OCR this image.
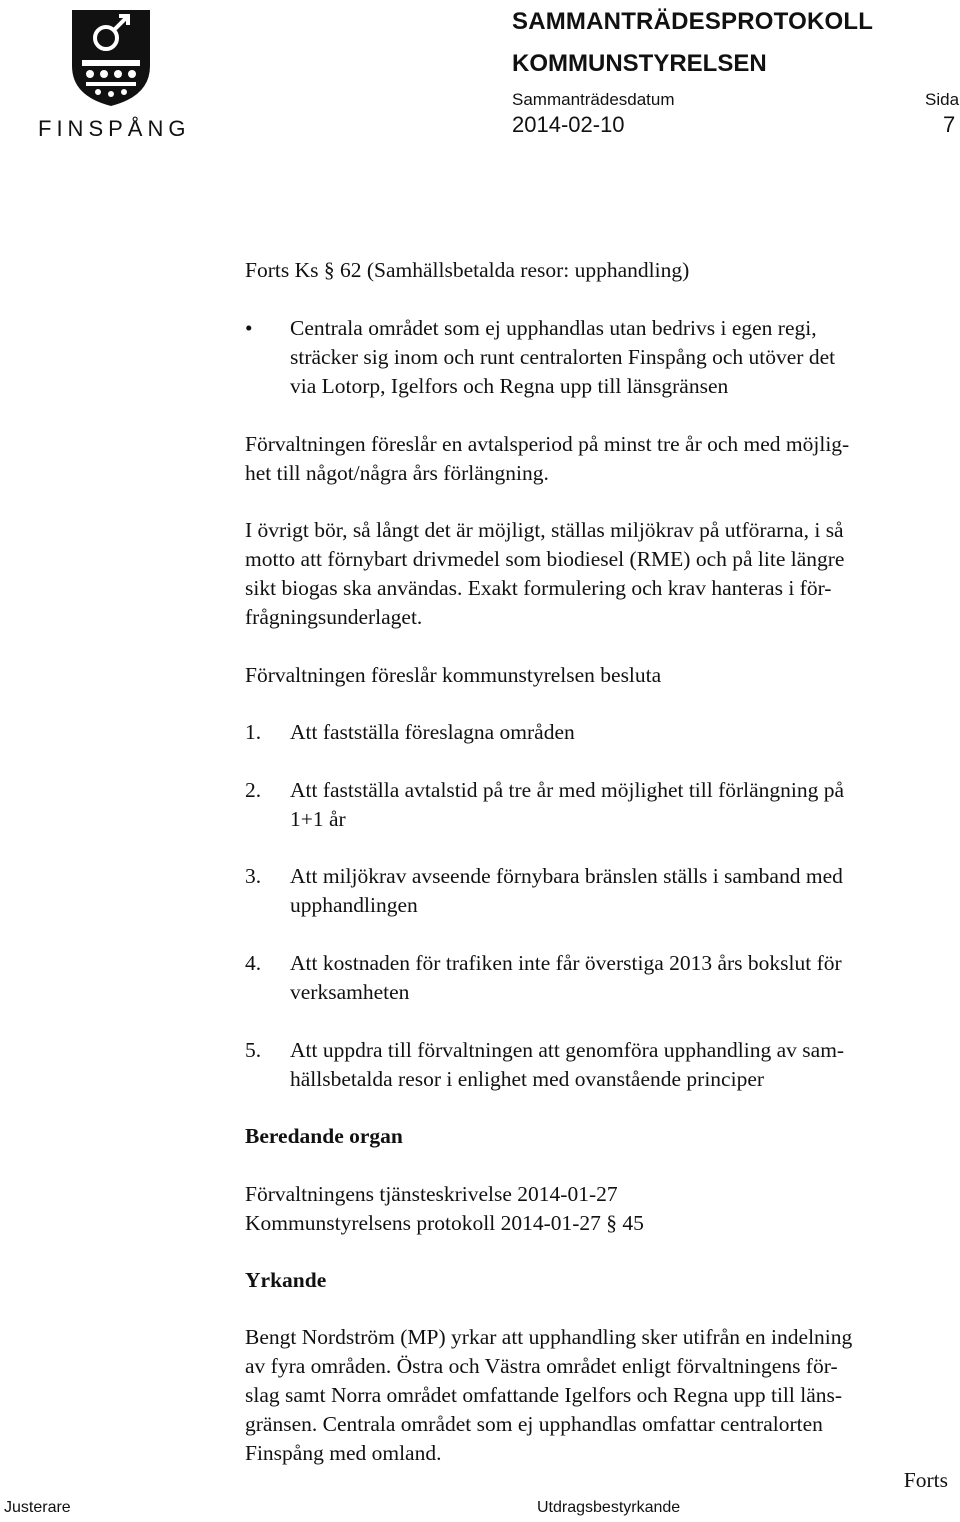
FINSPÅNG
SAMMANTRÄDESPROTOKOLL
KOMMUNSTYRELSEN
Sammanträdesdatum	Sida
2014-02-10	7
Forts Ks § 62 (Samhällsbetalda resor: upphandling)
• Centrala området som ej upphandlas utan bedrivs i egen regi,
sträcker sig inom och runt centralorten Finspång och utöver det
via Lotorp, Igelfors och Regna upp till länsgränsen
Förvaltningen föreslår en avtalsperiod på minst tre år och med möjlig-
het till något/några års förlängning.
I övrigt bör, så långt det är möjligt, ställas miljökrav på utförarna, i så
motto att förnybart drivmedel som biodiesel (RME) och på lite längre
sikt biogas ska användas. Exakt formulering och krav hanteras i för-
frågningsunderlaget.
Förvaltningen föreslår kommunstyrelsen besluta
1. Att fastställa föreslagna områden
2. Att fastställa avtalstid på tre år med möjlighet till förlängning på
1+1 år
3. Att miljökrav avseende förnybara bränslen ställs i samband med
upphandlingen
4. Att kostnaden för trafiken inte får överstiga 2013 års bokslut för
verksamheten
5. Att uppdra till förvaltningen att genomföra upphandling av sam-
hällsbetalda resor i enlighet med ovanstående principer
Beredande organ
Förvaltningens tjänsteskrivelse 2014-01-27
Kommunstyrelsens protokoll 2014-01-27 § 45
Yrkande
Bengt Nordström (MP) yrkar att upphandling sker utifrån en indelning
av fyra områden. Östra och Västra området enligt förvaltningens för-
slag samt Norra området omfattande Igelfors och Regna upp till läns-
gränsen. Centrala området som ej upphandlas omfattar centralorten
Finspång med omland.
Forts
Justerare	Utdragsbestyrkande
